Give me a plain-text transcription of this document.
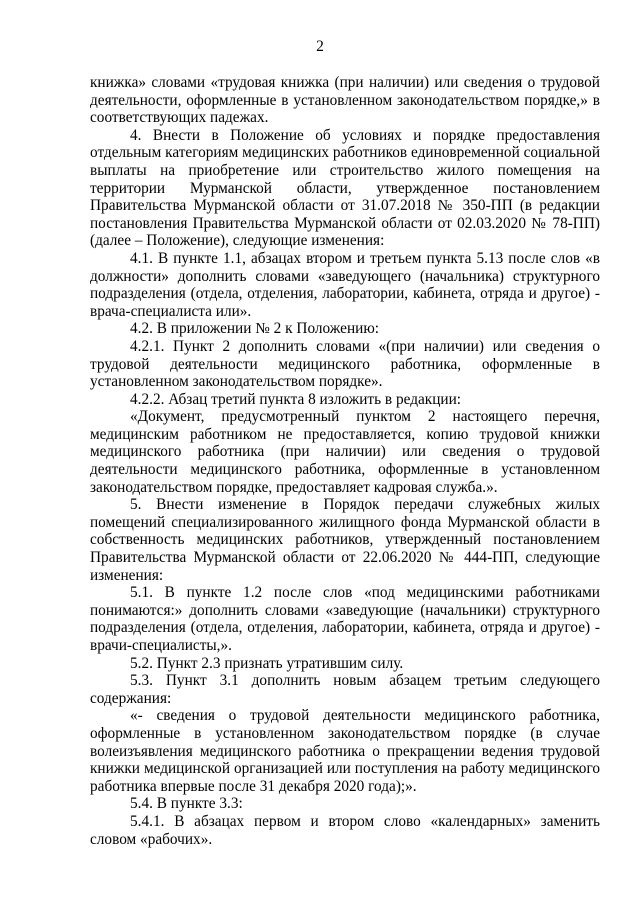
2

книжка» словами «трудовая книжка (при наличии) или сведения о трудовой деятельности, оформленные в установленном законодательством порядке,» в соответствующих падежах.

4. Внести в Положение об условиях и порядке предоставления отдельным категориям медицинских работников единовременной социальной выплаты на приобретение или строительство жилого помещения на территории Мурманской области, утвержденное постановлением Правительства Мурманской области от 31.07.2018 № 350-ПП (в редакции постановления Правительства Мурманской области от 02.03.2020 № 78-ПП) (далее – Положение), следующие изменения:

4.1. В пункте 1.1, абзацах втором и третьем пункта 5.13 после слов «в должности» дополнить словами «заведующего (начальника) структурного подразделения (отдела, отделения, лаборатории, кабинета, отряда и другое) - врача-специалиста или».

4.2. В приложении № 2 к Положению:

4.2.1. Пункт 2 дополнить словами «(при наличии) или сведения о трудовой деятельности медицинского работника, оформленные в установленном законодательством порядке».

4.2.2. Абзац третий пункта 8 изложить в редакции:

«Документ, предусмотренный пунктом 2 настоящего перечня, медицинским работником не предоставляется, копию трудовой книжки медицинского работника (при наличии) или сведения о трудовой деятельности медицинского работника, оформленные в установленном законодательством порядке, предоставляет кадровая служба.».

5. Внести изменение в Порядок передачи служебных жилых помещений специализированного жилищного фонда Мурманской области в собственность медицинских работников, утвержденный постановлением Правительства Мурманской области от 22.06.2020 № 444-ПП, следующие изменения:

5.1. В пункте 1.2 после слов «под медицинскими работниками понимаются:» дополнить словами «заведующие (начальники) структурного подразделения (отдела, отделения, лаборатории, кабинета, отряда и другое) - врачи-специалисты,».

5.2. Пункт 2.3 признать утратившим силу.

5.3. Пункт 3.1 дополнить новым абзацем третьим следующего содержания:

«- сведения о трудовой деятельности медицинского работника, оформленные в установленном законодательством порядке (в случае волеизъявления медицинского работника о прекращении ведения трудовой книжки медицинской организацией или поступления на работу медицинского работника впервые после 31 декабря 2020 года);».

5.4. В пункте 3.3:

5.4.1. В абзацах первом и втором слово «календарных» заменить словом «рабочих».
